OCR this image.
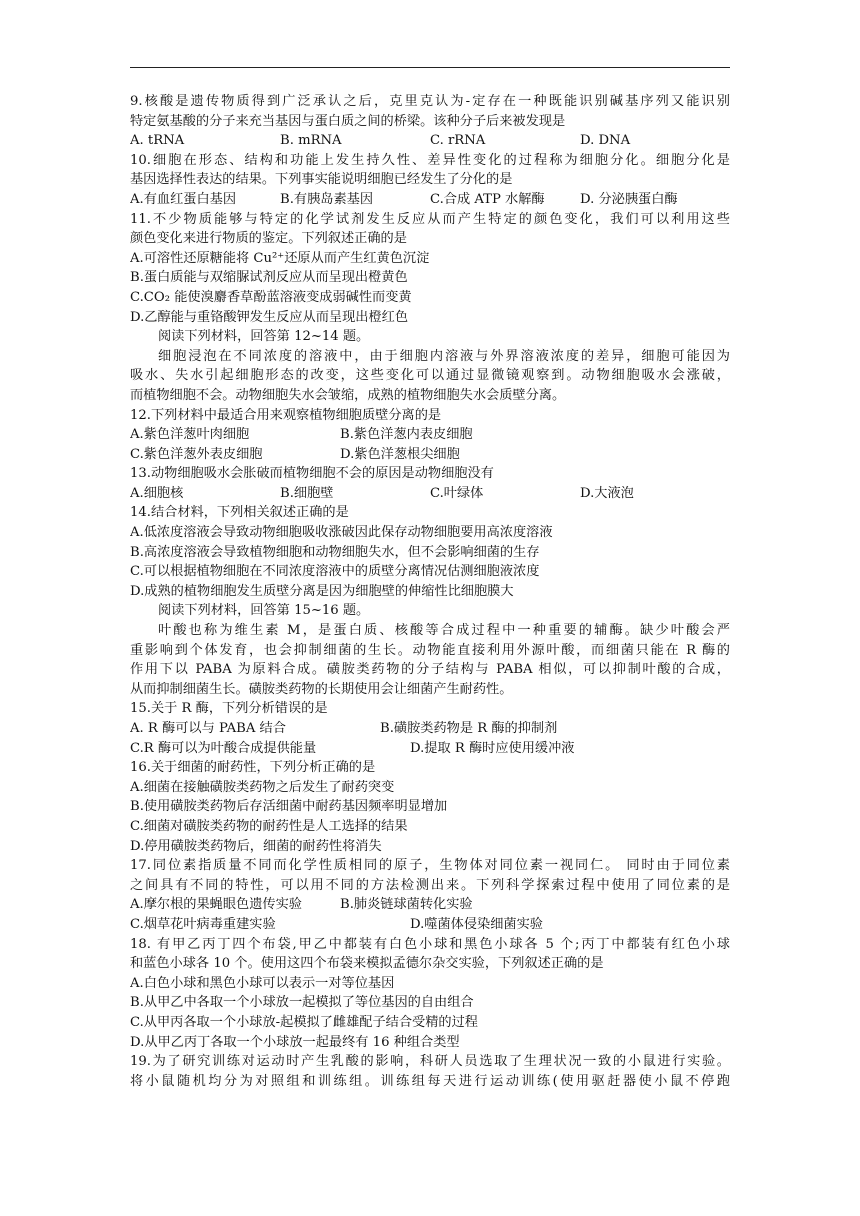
9.核酸是遗传物质得到广泛承认之后，克里克认为-定存在一种既能识别碱基序列又能识别
特定氨基酸的分子来充当基因与蛋白质之间的桥梁。该种分子后来被发现是
A. tRNA	B. mRNA	C. rRNA	D. DNA
10.细胞在形态、结构和功能上发生持久性、差异性变化的过程称为细胞分化。细胞分化是
基因选择性表达的结果。下列事实能说明细胞已经发生了分化的是
A.有血红蛋白基因	B.有胰岛素基因	C.合成 ATP 水解酶	D. 分泌胰蛋白酶
11.不少物质能够与特定的化学试剂发生反应从而产生特定的颜色变化，我们可以利用这些
颜色变化来进行物质的鉴定。下列叙述正确的是
A.可溶性还原糖能将 Cu²⁺还原从而产生红黄色沉淀
B.蛋白质能与双缩脲试剂反应从而呈现出橙黄色
C.CO₂ 能使溴麝香草酚蓝溶液变成弱碱性而变黄
D.乙醇能与重铬酸钾发生反应从而呈现出橙红色
阅读下列材料，回答第 12~14 题。
细胞浸泡在不同浓度的溶液中，由于细胞内溶液与外界溶液浓度的差异，细胞可能因为
吸水、失水引起细胞形态的改变，这些变化可以通过显微镜观察到。动物细胞吸水会涨破，
而植物细胞不会。动物细胞失水会皱缩，成熟的植物细胞失水会质壁分离。
12.下列材料中最适合用来观察植物细胞质壁分离的是
A.紫色洋葱叶肉细胞	B.紫色洋葱内表皮细胞
C.紫色洋葱外表皮细胞	D.紫色洋葱根尖细胞
13.动物细胞吸水会胀破而植物细胞不会的原因是动物细胞没有
A.细胞核	B.细胞壁	C.叶绿体	D.大液泡
14.结合材料，下列相关叙述正确的是
A.低浓度溶液会导致动物细胞吸收涨破因此保存动物细胞要用高浓度溶液
B.高浓度溶液会导致植物细胞和动物细胞失水，但不会影响细菌的生存
C.可以根据植物细胞在不同浓度溶液中的质壁分离情况估测细胞液浓度
D.成熟的植物细胞发生质壁分离是因为细胞壁的伸缩性比细胞膜大
阅读下列材料，回答第 15~16 题。
叶酸也称为维生素 M，是蛋白质、核酸等合成过程中一种重要的辅酶。缺少叶酸会严
重影响到个体发育，也会抑制细菌的生长。动物能直接利用外源叶酸，而细菌只能在 R 酶的
作用下以 PABA 为原料合成。磺胺类药物的分子结构与 PABA 相似，可以抑制叶酸的合成，
从而抑制细菌生长。磺胺类药物的长期使用会让细菌产生耐药性。
15.关于 R 酶，下列分析错误的是
A. R 酶可以与 PABA 结合	B.磺胺类药物是 R 酶的抑制剂
C.R 酶可以为叶酸合成提供能量	D.提取 R 酶时应使用缓冲液
16.关于细菌的耐药性，下列分析正确的是
A.细菌在接触磺胺类药物之后发生了耐药突变
B.使用磺胺类药物后存活细菌中耐药基因频率明显增加
C.细菌对磺胺类药物的耐药性是人工选择的结果
D.停用磺胺类药物后，细菌的耐药性将消失
17.同位素指质量不同而化学性质相同的原子，生物体对同位素一视同仁。 同时由于同位素
之间具有不同的特性，可以用不同的方法检测出来。下列科学探索过程中使用了同位素的是
A.摩尔根的果蝇眼色遗传实验	B.肺炎链球菌转化实验
C.烟草花叶病毒重建实验	D.噬菌体侵染细菌实验
18. 有甲乙丙丁四个布袋,甲乙中都装有白色小球和黑色小球各 5 个;丙丁中都装有红色小球
和蓝色小球各 10 个。使用这四个布袋来模拟孟德尔杂交实验，下列叙述正确的是
A.白色小球和黑色小球可以表示一对等位基因
B.从甲乙中各取一个小球放一起模拟了等位基因的自由组合
C.从甲丙各取一个小球放-起模拟了雌雄配子结合受精的过程
D.从甲乙丙丁各取一个小球放一起最终有 16 种组合类型
19.为了研究训练对运动时产生乳酸的影响，科研人员选取了生理状况一致的小鼠进行实验。
将小鼠随机均分为对照组和训练组。训练组每天进行运动训练(使用驱赶器使小鼠不停跑
